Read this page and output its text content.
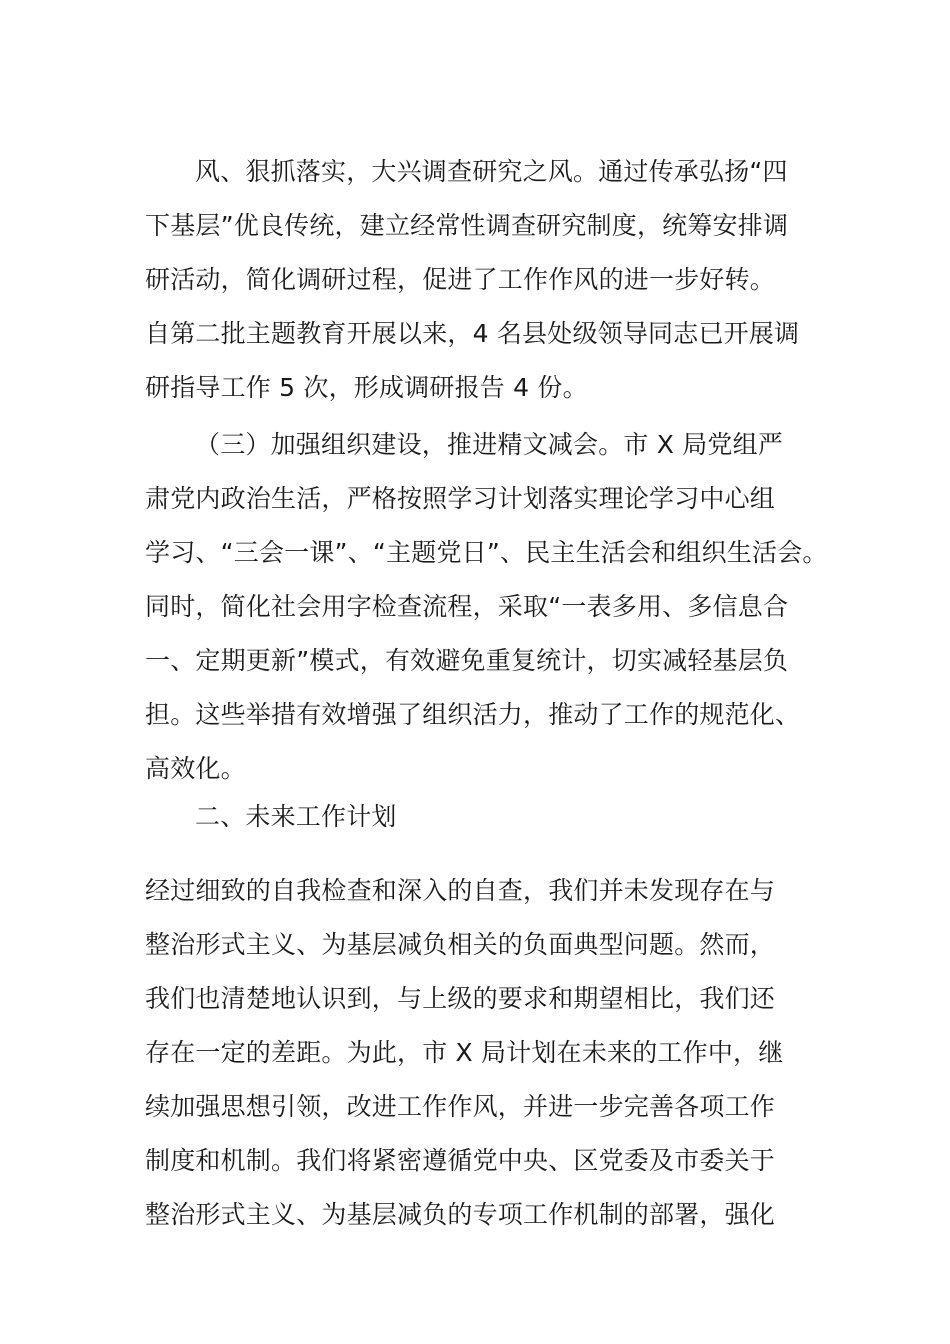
风、狠抓落实，大兴调查研究之风。通过传承弘扬“四
下基层”优良传统，建立经常性调查研究制度，统筹安排调
研活动，简化调研过程，促进了工作作风的进一步好转。
自第二批主题教育开展以来，4 名县处级领导同志已开展调
研指导工作 5 次，形成调研报告 4 份。
（三）加强组织建设，推进精文减会。市 X 局党组严
肃党内政治生活，严格按照学习计划落实理论学习中心组
学习、“三会一课”、“主题党日”、民主生活会和组织生活会。
同时，简化社会用字检查流程，采取“一表多用、多信息合
一、定期更新”模式，有效避免重复统计，切实减轻基层负
担。这些举措有效增强了组织活力，推动了工作的规范化、
高效化。
二、未来工作计划
经过细致的自我检查和深入的自查，我们并未发现存在与
整治形式主义、为基层减负相关的负面典型问题。然而，
我们也清楚地认识到，与上级的要求和期望相比，我们还
存在一定的差距。为此，市 X 局计划在未来的工作中，继
续加强思想引领，改进工作作风，并进一步完善各项工作
制度和机制。我们将紧密遵循党中央、区党委及市委关于
整治形式主义、为基层减负的专项工作机制的部署，强化
